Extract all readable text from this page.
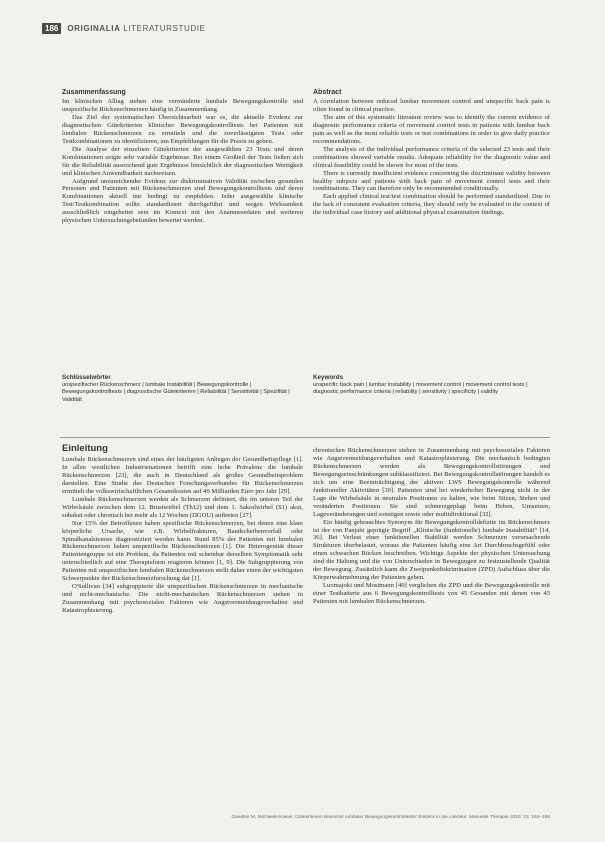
186	ORIGINALIA LITERATURSTUDIE
Zusammenfassung

Im klinischen Alltag stehen eine verminderte lumbale Bewegungskontrolle und unspezifische Rückenschmerzen häufig in Zusammenhang.

Das Ziel der systematischen Übersichtsarbeit war es, die aktuelle Evidenz zur diagnostischen Gütekriterien klinischer Bewegungskontrolltests bei Patienten mit lumbalen Rückenschmerzen zu ermitteln und die zuverlässigsten Tests oder Testkombinationen zu identifizieren, um Empfehlungen für die Praxis zu geben.

Die Analyse der einzelnen Gütekriterien der ausgewählten 23 Tests und deren Kombinationen zeigte sehr variable Ergebnisse. Bei einem Großteil der Tests ließen sich für die Reliabilität ausreichend gute Ergebnisse hinsichtlich der diagnostischen Wertigkeit und klinischen Anwendbarkeit nachweisen.

Aufgrund unzureichender Evidenz zur diskriminativen Validität zwischen gesunden Personen und Patienten mit Rückenschmerzen sind Bewegungskontrolltests und deren Kombinationen aktuell nur bedingt zu empfehlen. Jeder ausgewählte klinische Test/Testkombination sollte standardisiert durchgeführt und wegen Wirksamkeit ausschließlich eingebettet sein im Kontext mit den Anamnesedaten und weiteren physischen Untersuchungsbefunden bewertet werden.

Schlüsselwörter

unspezifischer Rückenschmerz | lumbale Instabilität | Bewegungskontrolle | Bewegungskontrolltests | diagnostische Gütekriterien | Reliabilität | Sensitivität | Spezifität | Validität

Abstract

A correlation between reduced lumbar movement control and unspecific back pain is often found in clinical practice.

The aim of this systematic literature review was to identify the current evidence of diagnostic performance criteria of movement control tests in patients with lumbar back pain as well as the most reliable tests or test combinations in order to give daily practice recommendations.

The analysis of the individual performance criteria of the selected 23 tests and their combinations showed variable results. Adequate reliability for the diagnostic value and clinical feasibility could be shown for most of the tests.

There is currently insufficient evidence concerning the discriminant validity between healthy subjects and patients with back pain of movement control tests and their combinations. They can therefore only be recommended conditionally.

Each applied clinical test/test combination should be performed standardized. Due to the lack of consistent evaluation criteria, they should only be evaluated in the context of the individual case history and additional physical examination findings.

Keywords

unspecific back pain | lumbar instability | movement control | movement control tests | diagnostic performance criteria | reliability | sensitivity | specificity | validity

Einleitung

Lumbale Rückenschmerzen sind eines der häufigsten Anliegen der Gesundheitspflege [1]. In allen westlichen Industrienationen betrifft eine hohe Prävalenz die lumbale Rückenschmerzen [23], die auch in Deutschland als großes Gesundheitsproblem darstellen. Eine Studie des Deutschen Forschungsverbundes für Rückenschmerzen ermittelt die volkswirtschaftlichen Gesamtkosten auf 49 Milliarden Euro pro Jahr [29].

Lumbale Rückenschmerzen werden als Schmerzen definiert, die im unteren Teil der Wirbelsäule zwischen dem 12. Brustwirbel (Th12) und dem 1. Sakralwirbel (S1) akut, subakut oder chronisch bei mehr als 12 Wochen (DGOU) auftreten [27].

Nur 15% der Betroffenen haben spezifische Rückenschmerzen, bei denen eine klare körperliche Ursache, wie z.B. Wirbelfrakturen, Bandscheibenvorfall oder Spinalkanalstenose diagnostiziert werden kann. Rund 85% der Patienten mit lumbalen Rückenschmerzen haben unspezifische Rückenschmerzen [1]. Die Heterogenität dieser Patientengruppe ist ein Problem, da Patienten mit scheinbar derselben Symptomatik sehr unterschiedlich auf eine Therapieform reagieren können [1, 9]. Die Subgruppierung von Patienten mit unspezifischen lumbalen Rückenschmerzen stellt daher einen der wichtigsten Schwerpunkte der Rückenschmerzforschung dar [1].

O'Sullivan [34] subgruppierte die unspezifischen Rückenschmerzen in mechanische und nicht-mechanische. Die nicht-mechanischen Rückenschmerzen stehen in Zusammenhang mit psychosozialen Faktoren wie Angstvermeidungsverhalten und Katastrophisierung.

chronischen Rückenschmerzen stehen in Zusammenhang mit psychosozialen Faktoren wie Angstvermeidungsverhalten und Katastrophisierung. Die mechanisch bedingten Rückenschmerzen werden als Bewegungskontrollstörungen und Bewegungseinschränkungen subklassifiziert. Bei Bewegungskontrollstörungen handelt es sich um eine Beeinträchtigung der aktiven LWS Bewegungskontrolle während funktioneller Aktivitäten [30]. Patienten sind bei wiederholter Bewegung nicht in der Lage die Wirbelsäule in neutralen Positionen zu halten, wie beim Sitzen, Stehen und veränderten Positionen. Sie sind schmerzgeplagt beim Heben, Umsetzen, Lageveränderungen und sonstigen sowie oder multidirektional [32].

Ein häufig gebrauchtes Synonym für Bewegungskontrolldefizite im Rückenschmerz ist der von Panjabi geprägte Begriff „Klinische (funktionelle) lumbale Instabilität“ [14, 36]. Bei Verlust einer funktionellen Stabilität werden Schmerzen verursachende Strukturen überbelastet, woraus die Patienten häufig eine Art Durchbruchsgefühl oder einen schwachen Rücken beschreiben. Wichtige Aspekte der physischen Untersuchung sind die Haltung und die von Unterschieden in Bewegungen zu festzustellende Qualität der Bewegung. Zusätzlich kann die Zweipunktdiskrimination (ZPD) Aufschluss über die Körperwahrnehmung der Patienten geben.

Luomajoki und Mosimann [40] verglichen die ZPD und die Bewegungskontrolle mit einer Testbatterie aus 6 Bewegungskontrolltests von 45 Gesunden mit denen von 45 Patienten mit lumbalen Rückenschmerzen.

Gaedtke M, Michaelis-Kaiser, Gütekriterien klinischer lumbaler Bewegungskontrolltests: Einblick in die Literatur. Manuelle Therapie 2019; 23: 184–196
